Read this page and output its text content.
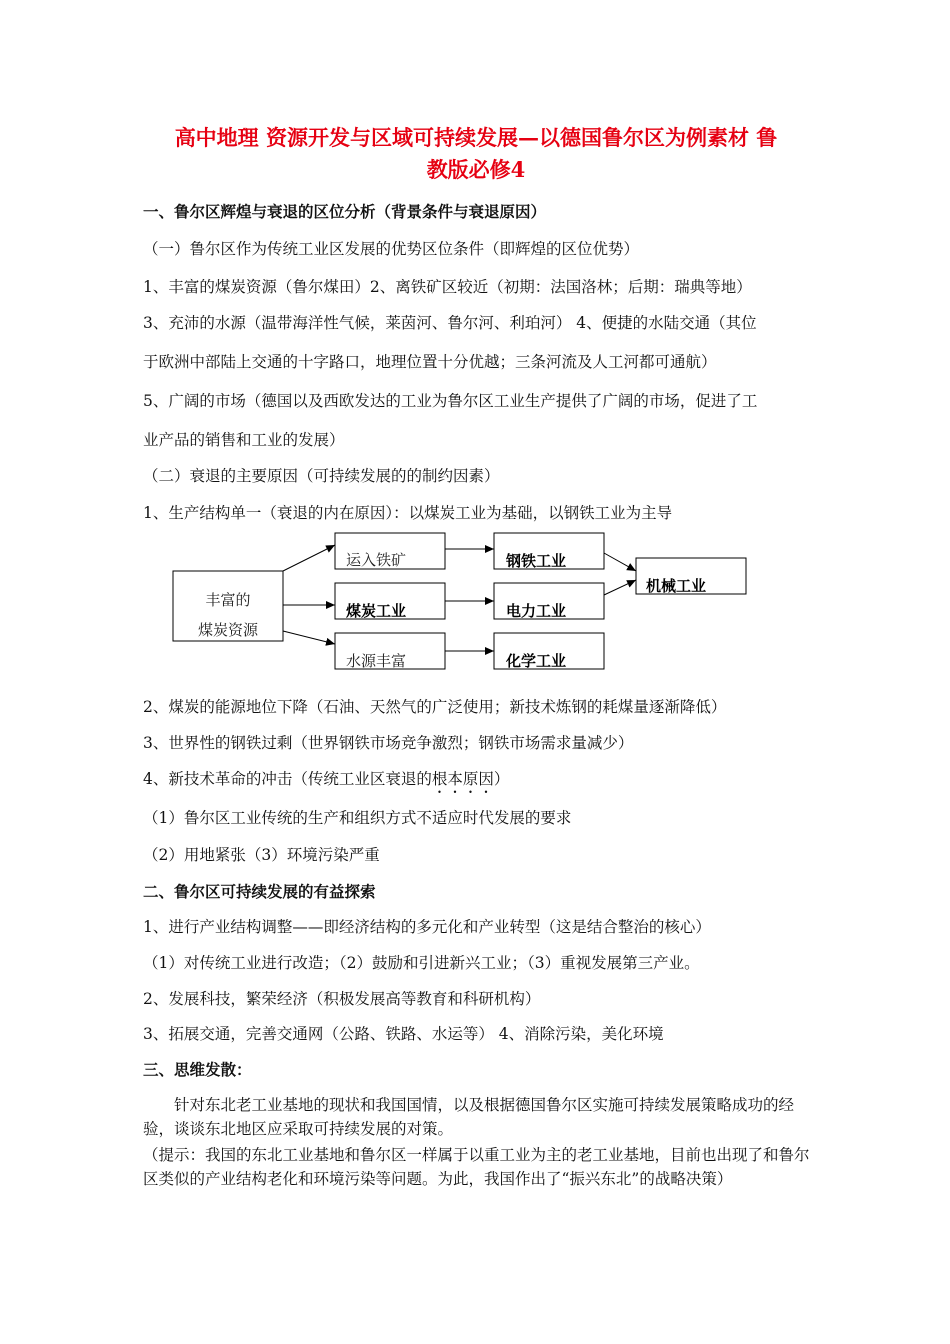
高中地理 资源开发与区域可持续发展—以德国鲁尔区为例素材 鲁
教版必修4
一、鲁尔区辉煌与衰退的区位分析（背景条件与衰退原因）
（一）鲁尔区作为传统工业区发展的优势区位条件（即辉煌的区位优势）
1、丰富的煤炭资源（鲁尔煤田）2、离铁矿区较近（初期：法国洛林；后期：瑞典等地）
3、充沛的水源（温带海洋性气候，莱茵河、鲁尔河、利珀河） 4、便捷的水陆交通（其位
于欧洲中部陆上交通的十字路口，地理位置十分优越；三条河流及人工河都可通航）
5、广阔的市场（德国以及西欧发达的工业为鲁尔区工业生产提供了广阔的市场，促进了工
业产品的销售和工业的发展）
（二）衰退的主要原因（可持续发展的的制约因素）
1、生产结构单一（衰退的内在原因）：以煤炭工业为基础，以钢铁工业为主导
丰富的
煤炭资源
运入铁矿
煤炭工业
水源丰富
钢铁工业
电力工业
化学工业
机械工业
2、煤炭的能源地位下降（石油、天然气的广泛使用；新技术炼钢的耗煤量逐渐降低）
3、世界性的钢铁过剩（世界钢铁市场竞争激烈；钢铁市场需求量减少）
4、新技术革命的冲击（传统工业区衰退的根本原因）
（1）鲁尔区工业传统的生产和组织方式不适应时代发展的要求
（2）用地紧张（3）环境污染严重
二、鲁尔区可持续发展的有益探索
1、进行产业结构调整——即经济结构的多元化和产业转型（这是结合整治的核心）
（1）对传统工业进行改造；（2）鼓励和引进新兴工业；（3）重视发展第三产业。
2、发展科技，繁荣经济（积极发展高等教育和科研机构）
3、拓展交通，完善交通网（公路、铁路、水运等） 4、消除污染，美化环境
三、思维发散：
针对东北老工业基地的现状和我国国情，以及根据德国鲁尔区实施可持续发展策略成功的经验，谈谈东北地区应采取可持续发展的对策。
（提示：我国的东北工业基地和鲁尔区一样属于以重工业为主的老工业基地，目前也出现了和鲁尔区类似的产业结构老化和环境污染等问题。为此，我国作出了“振兴东北”的战略决策）
